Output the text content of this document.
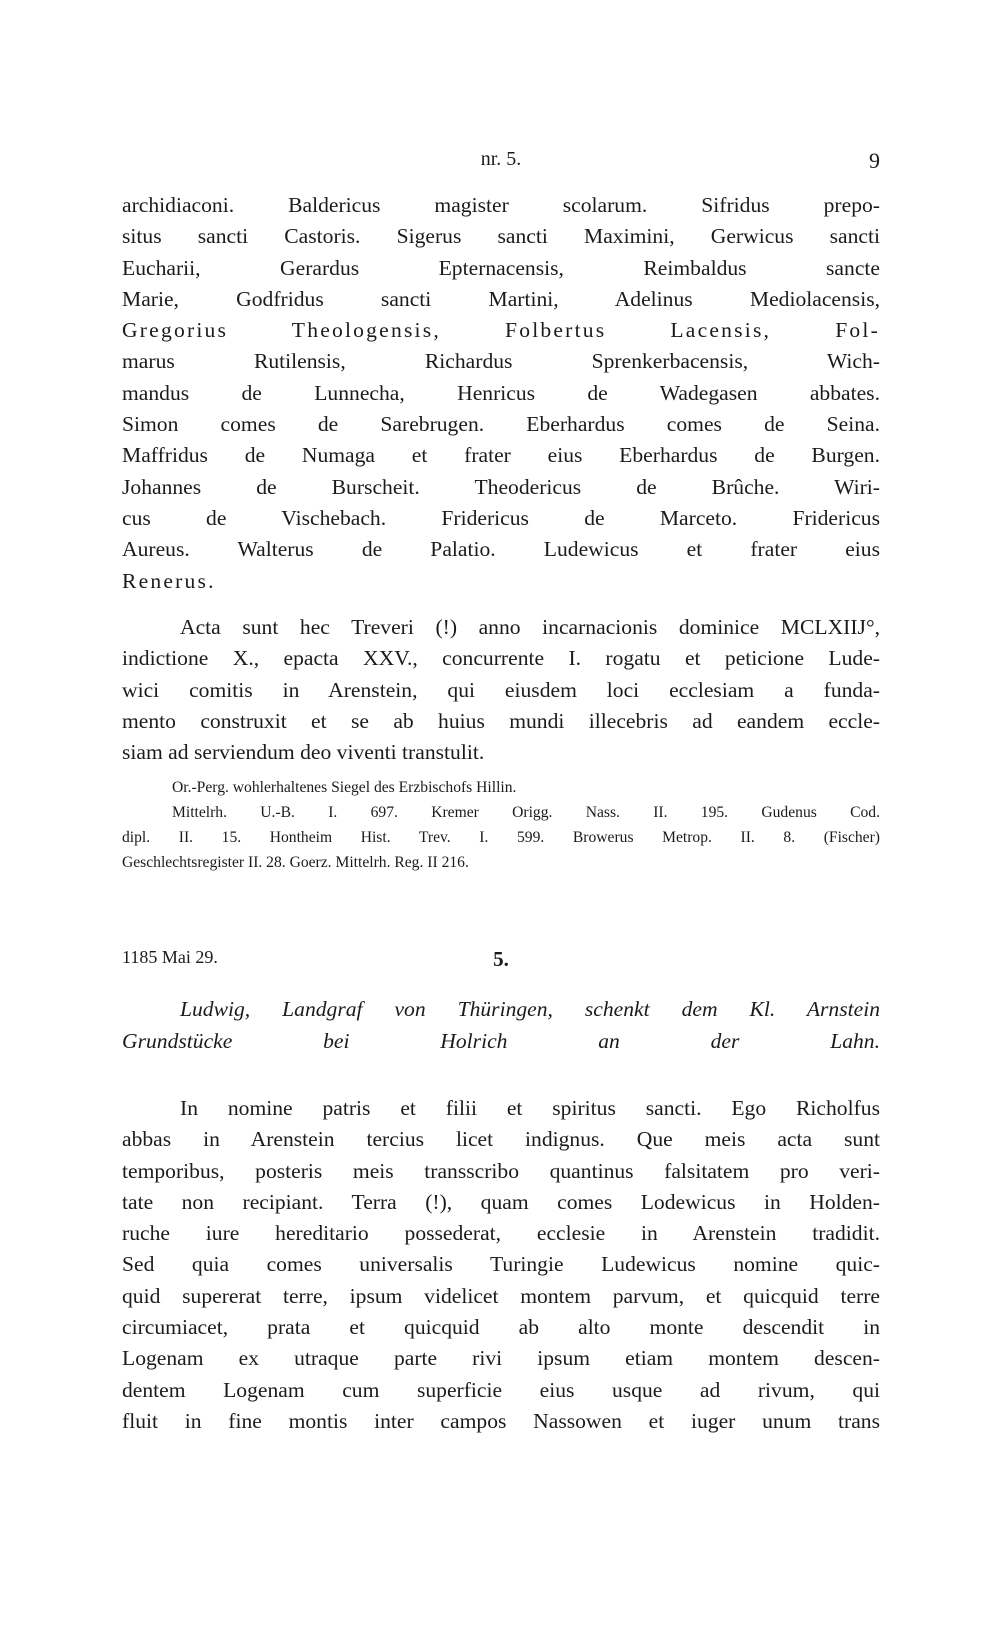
nr. 5.	9
archidiaconi. Baldericus magister scolarum. Sifridus prepo-
situs sancti Castoris. Sigerus sancti Maximini, Gerwicus sancti
Eucharii, Gerardus Epternacensis, Reimbaldus sancte
Marie, Godfridus sancti Martini, Adelinus Mediolacensis,
Gregorius Theologensis, Folbertus Lacensis, Fol-
marus Rutilensis, Richardus Sprenkerbacensis, Wich-
mandus de Lunnecha, Henricus de Wadegasen abbates.
Simon comes de Sarebrugen. Eberhardus comes de Seina.
Maffridus de Numaga et frater eius Eberhardus de Burgen.
Johannes de Burscheit. Theodericus de Brûche. Wiri-
cus de Vischebach. Fridericus de Marceto. Fridericus
Aureus. Walterus de Palatio. Ludewicus et frater eius
Renerus.
Acta sunt hec Treveri (!) anno incarnacionis dominice MCLXIIJ°,
indictione X., epacta XXV., concurrente I. rogatu et peticione Lude-
wici comitis in Arenstein, qui eiusdem loci ecclesiam a funda-
mento construxit et se ab huius mundi illecebris ad eandem eccle-
siam ad serviendum deo viventi transtulit.
Or.-Perg. wohlerhaltenes Siegel des Erzbischofs Hillin.
Mittelrh. U.-B. I. 697. Kremer Origg. Nass. II. 195. Gudenus Cod.
dipl. II. 15. Hontheim Hist. Trev. I. 599. Browerus Metrop. II. 8. (Fischer)
Geschlechtsregister II. 28. Goerz. Mittelrh. Reg. II 216.
1185 Mai 29.	5.
Ludwig, Landgraf von Thüringen, schenkt dem Kl. Arnstein
Grundstücke bei Holrich an der Lahn.
In nomine patris et filii et spiritus sancti. Ego Richolfus
abbas in Arenstein tercius licet indignus. Que meis acta sunt
temporibus, posteris meis transscribo quantinus falsitatem pro veri-
tate non recipiant. Terra (!), quam comes Lodewicus in Holden-
ruche iure hereditario possederat, ecclesie in Arenstein tradidit.
Sed quia comes universalis Turingie Ludewicus nomine quic-
quid supererat terre, ipsum videlicet montem parvum, et quicquid terre
circumiacet, prata et quicquid ab alto monte descendit in
Logenam ex utraque parte rivi ipsum etiam montem descen-
dentem Logenam cum superficie eius usque ad rivum, qui
fluit in fine montis inter campos Nassowen et iuger unum trans
